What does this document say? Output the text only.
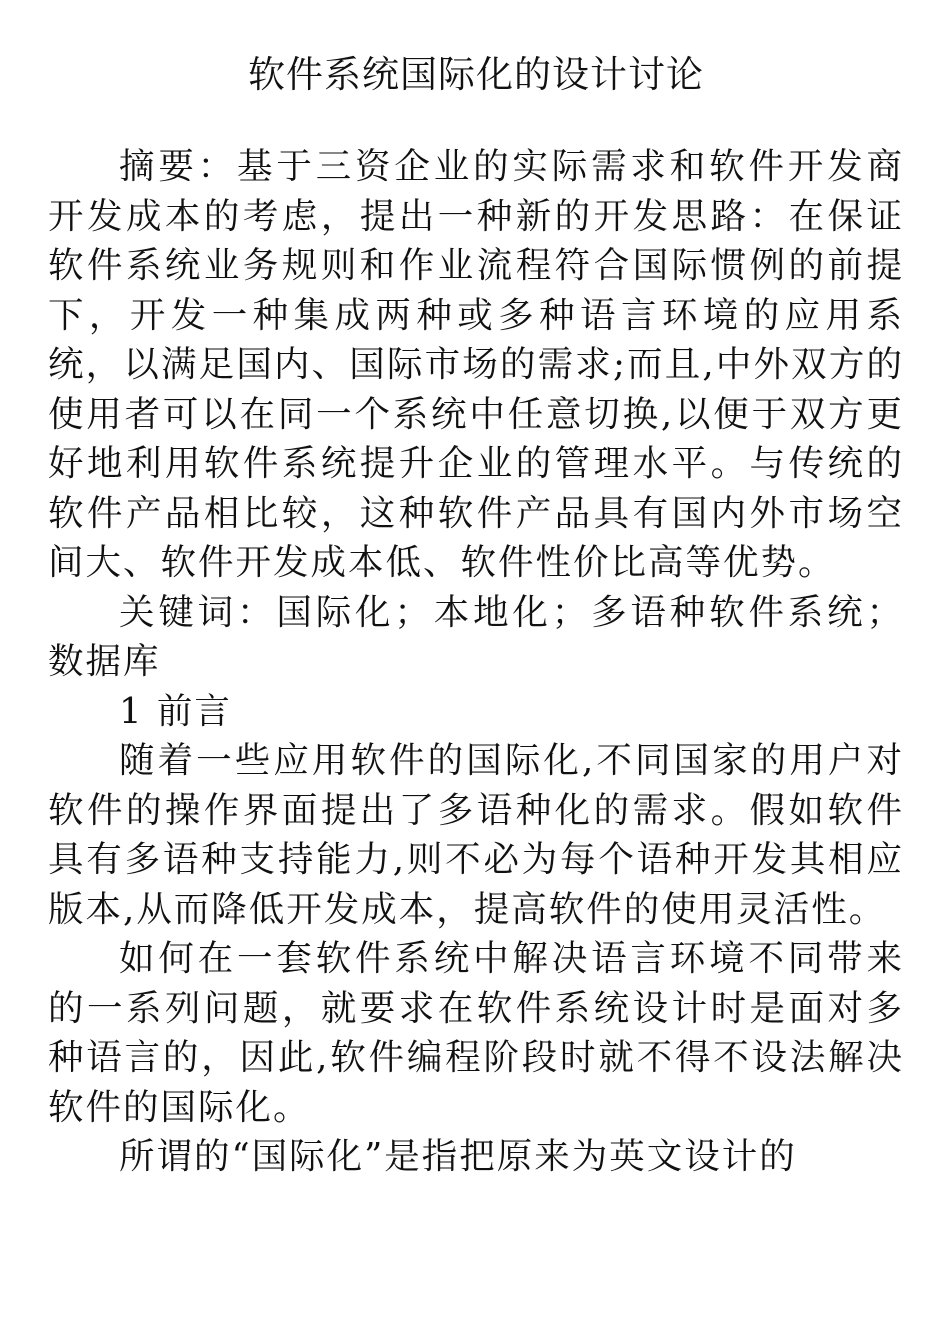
软件系统国际化的设计讨论

摘要：基于三资企业的实际需求和软件开发商开发成本的考虑，提出一种新的开发思路：在保证软件系统业务规则和作业流程符合国际惯例的前提下，开发一种集成两种或多种语言环境的应用系统，以满足国内、国际市场的需求;而且,中外双方的使用者可以在同一个系统中任意切换,以便于双方更好地利用软件系统提升企业的管理水平。与传统的软件产品相比较，这种软件产品具有国内外市场空间大、软件开发成本低、软件性价比高等优势。

关键词：国际化；本地化；多语种软件系统；数据库

1 前言

随着一些应用软件的国际化,不同国家的用户对软件的操作界面提出了多语种化的需求。假如软件具有多语种支持能力,则不必为每个语种开发其相应版本,从而降低开发成本，提高软件的使用灵活性。

如何在一套软件系统中解决语言环境不同带来的一系列问题，就要求在软件系统设计时是面对多种语言的，因此,软件编程阶段时就不得不设法解决软件的国际化。

所谓的“国际化”是指把原来为英文设计的
